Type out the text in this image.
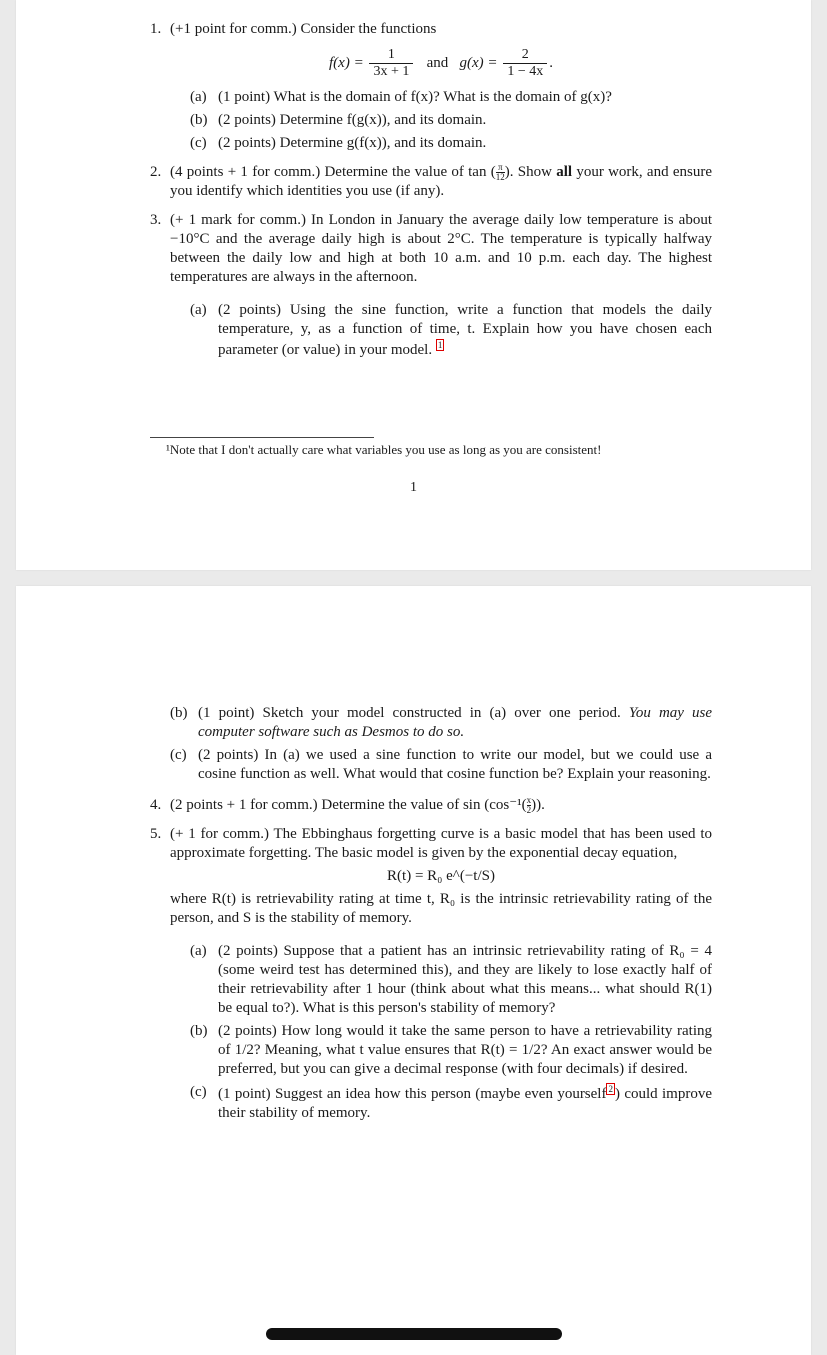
1. (+1 point for comm.) Consider the functions
$f(x) = \frac{1}{3x + 1}$ and $g(x) = \frac{2}{1 - 4x}$ .
(a) (1 point) What is the domain of f(x)? What is the domain of g(x)?
(b) (2 points) Determine f(g(x)), and its domain.
(c) (2 points) Determine g(f(x)), and its domain.
2. (4 points + 1 for comm.) Determine the value of tan ( $\frac{\pi}{12}$). Show all your work, and ensure you identify which identities you use (if any).
3. (+ 1 mark for comm.) In London in January the average daily low temperature is about −10°C and the average daily high is about 2°C. The temperature is typically halfway between the daily low and high at both 10 a.m. and 10 p.m. each day. The highest temperatures are always in the afternoon.
(a) (2 points) Using the sine function, write a function that models the daily temperature, y, as a function of time, t. Explain how you have chosen each parameter (or value) in your model. 1
¹Note that I don't actually care what variables you use as long as you are consistent!
1
(b) (1 point) Sketch your model constructed in (a) over one period. You may use computer software such as Desmos to do so.
(c) (2 points) In (a) we used a sine function to write our model, but we could use a cosine function as well. What would that cosine function be? Explain your reasoning.
4. (2 points + 1 for comm.) Determine the value of $\sin (\cos^{-1}( \frac{x}{2}))$.
5. (+ 1 for comm.) The Ebbinghaus forgetting curve is a basic model that has been used to approximate forgetting. The basic model is given by the exponential decay equation,
R(t) = R₀ e^(−t/S)
where R(t) is retrievability rating at time t, R₀ is the intrinsic retrievability rating of the person, and S is the stability of memory.
(a) (2 points) Suppose that a patient has an intrinsic retrievability rating of R₀ = 4 (some weird test has determined this), and they are likely to lose exactly half of their retrievability after 1 hour (think about what this means... what should R(1) be equal to?). What is this person's stability of memory?
(b) (2 points) How long would it take the same person to have a retrievability rating of 1/2? Meaning, what t value ensures that R(t) = 1/2? An exact answer would be preferred, but you can give a decimal response (with four decimals) if desired.
(c) (1 point) Suggest an idea how this person (maybe even yourself 2 ) could improve their stability of memory.
